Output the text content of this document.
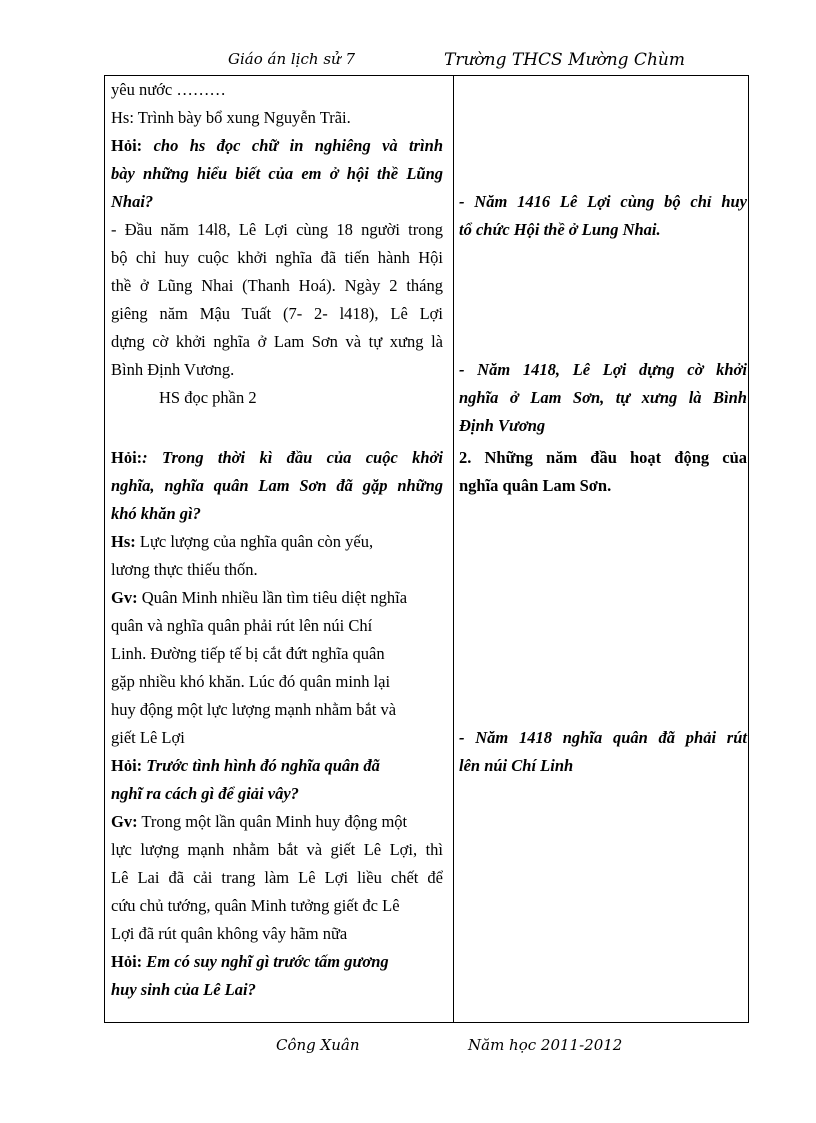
Giáo án lịch sử 7	Trường THCS Mường Chùm
yêu nước ………
Hs: Trình bày bổ xung Nguyễn Trãi.
Hỏi: cho hs đọc chữ in nghiêng và trình
bày những hiểu biết của em ở hội thề Lũng
Nhai?
- Đầu năm 14l8, Lê Lợi cùng 18 người trong
bộ chỉ huy cuộc khởi nghĩa đã tiến hành Hội
thề ở Lũng Nhai (Thanh Hoá). Ngày 2 tháng
giêng năm Mậu Tuất (7- 2- l418), Lê Lợi
dựng cờ khởi nghĩa ở Lam Sơn và tự xưng là
Bình Định Vương.
HS đọc phần 2
Hỏi:: Trong thời kì đầu của cuộc khởi
nghĩa, nghĩa quân Lam Sơn đã gặp những
khó khăn gì?
Hs: Lực lượng của nghĩa quân còn yếu,
lương thực thiếu thốn.
Gv: Quân Minh nhiều lần tìm tiêu diệt nghĩa
quân và nghĩa quân phải rút lên núi Chí
Linh. Đường tiếp tế bị cắt đứt nghĩa quân
gặp nhiều khó khăn. Lúc đó quân minh lại
huy động một lực lượng mạnh nhằm bắt và
giết Lê Lợi
Hỏi: Trước tình hình đó nghĩa quân đã
nghĩ ra cách gì để giải vây?
Gv: Trong một lần quân Minh huy động một
lực lượng mạnh nhằm bắt và giết Lê Lợi, thì
Lê Lai đã cải trang làm Lê Lợi liều chết để
cứu chủ tướng, quân Minh tưởng giết đc Lê
Lợi đã rút quân không vây hãm nữa
Hỏi: Em có suy nghĩ gì trước tấm gương
huy sinh của Lê Lai?
- Năm 1416 Lê Lợi cùng bộ chỉ huy
tổ chức Hội thề ở Lung Nhai.
- Năm 1418, Lê Lợi dựng cờ khởi
nghĩa ở Lam Sơn, tự xưng là Bình
Định Vương
2. Những năm đầu hoạt động của
nghĩa quân Lam Sơn.
- Năm 1418 nghĩa quân đã phải rút
lên núi Chí Linh
Công Xuân	Năm học 2011-2012
